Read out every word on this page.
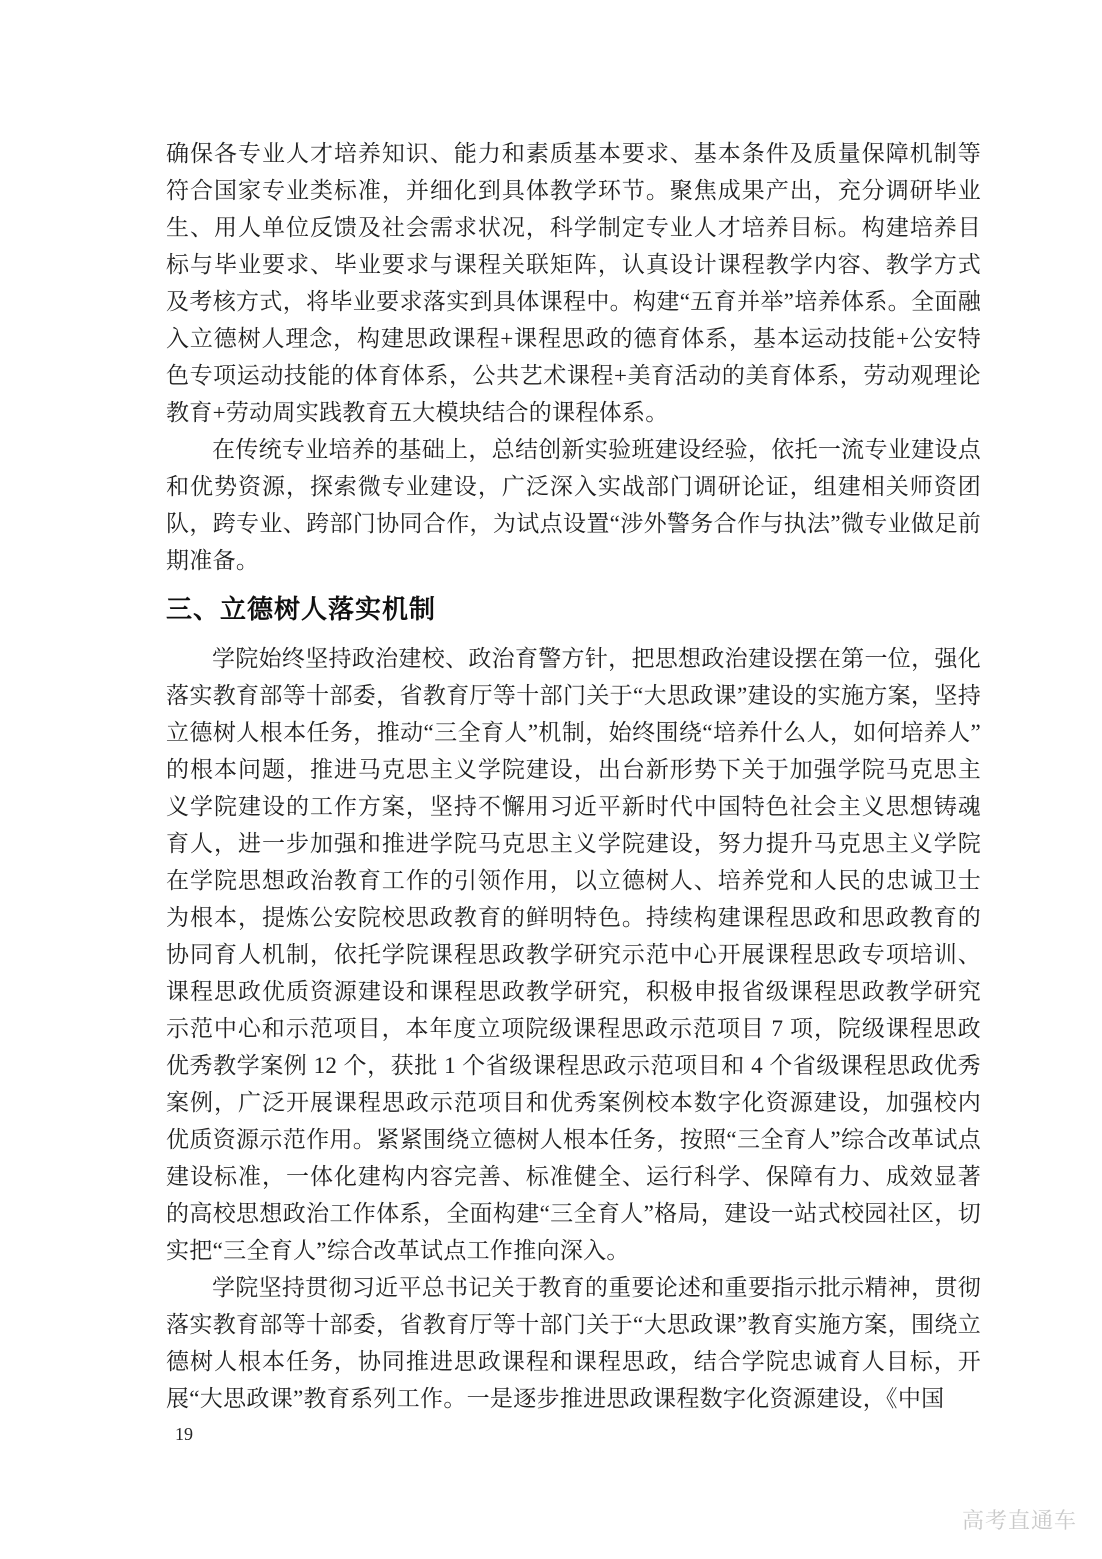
确保各专业人才培养知识、能力和素质基本要求、基本条件及质量保障机制等符合国家专业类标准，并细化到具体教学环节。聚焦成果产出，充分调研毕业生、用人单位反馈及社会需求状况，科学制定专业人才培养目标。构建培养目标与毕业要求、毕业要求与课程关联矩阵，认真设计课程教学内容、教学方式及考核方式，将毕业要求落实到具体课程中。构建“五育并举”培养体系。全面融入立德树人理念，构建思政课程+课程思政的德育体系，基本运动技能+公安特色专项运动技能的体育体系，公共艺术课程+美育活动的美育体系，劳动观理论教育+劳动周实践教育五大模块结合的课程体系。

在传统专业培养的基础上，总结创新实验班建设经验，依托一流专业建设点和优势资源，探索微专业建设，广泛深入实战部门调研论证，组建相关师资团队，跨专业、跨部门协同合作，为试点设置“涉外警务合作与执法”微专业做足前期准备。

三、立德树人落实机制

学院始终坚持政治建校、政治育警方针，把思想政治建设摆在第一位，强化落实教育部等十部委，省教育厅等十部门关于“大思政课”建设的实施方案，坚持立德树人根本任务，推动“三全育人”机制，始终围绕“培养什么人，如何培养人”的根本问题，推进马克思主义学院建设，出台新形势下关于加强学院马克思主义学院建设的工作方案，坚持不懈用习近平新时代中国特色社会主义思想铸魂育人，进一步加强和推进学院马克思主义学院建设，努力提升马克思主义学院在学院思想政治教育工作的引领作用，以立德树人、培养党和人民的忠诚卫士为根本，提炼公安院校思政教育的鲜明特色。持续构建课程思政和思政教育的协同育人机制，依托学院课程思政教学研究示范中心开展课程思政专项培训、课程思政优质资源建设和课程思政教学研究，积极申报省级课程思政教学研究示范中心和示范项目，本年度立项院级课程思政示范项目 7 项，院级课程思政优秀教学案例 12 个，获批 1 个省级课程思政示范项目和 4 个省级课程思政优秀案例，广泛开展课程思政示范项目和优秀案例校本数字化资源建设，加强校内优质资源示范作用。紧紧围绕立德树人根本任务，按照“三全育人”综合改革试点建设标准，一体化建构内容完善、标准健全、运行科学、保障有力、成效显著的高校思想政治工作体系，全面构建“三全育人”格局，建设一站式校园社区，切实把“三全育人”综合改革试点工作推向深入。

学院坚持贯彻习近平总书记关于教育的重要论述和重要指示批示精神，贯彻落实教育部等十部委，省教育厅等十部门关于“大思政课”教育实施方案，围绕立德树人根本任务，协同推进思政课程和课程思政，结合学院忠诚育人目标，开展“大思政课”教育系列工作。一是逐步推进思政课程数字化资源建设，《中国

19
高考直通车
